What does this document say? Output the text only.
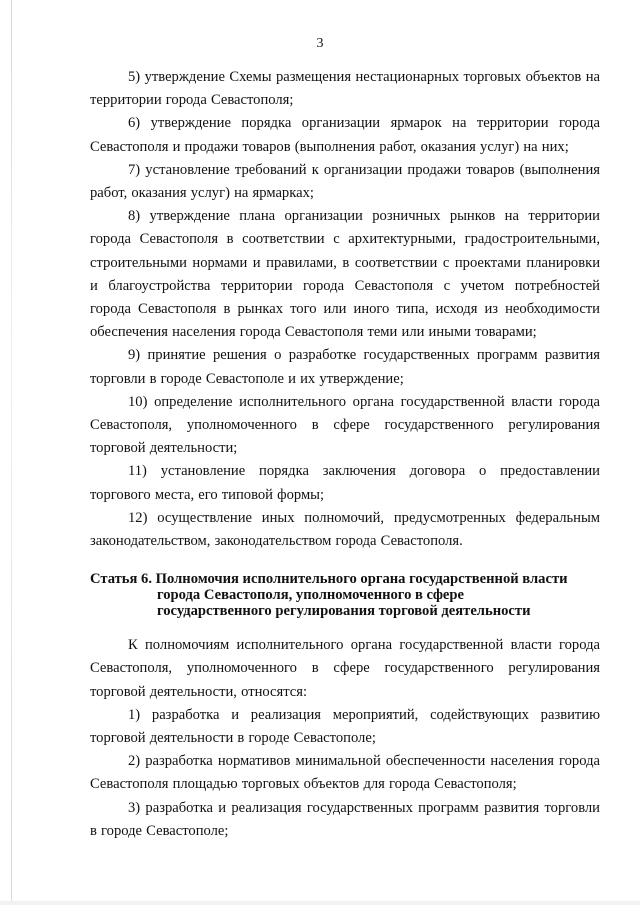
3

5) утверждение Схемы размещения нестационарных торговых объектов на территории города Севастополя;

6) утверждение порядка организации ярмарок на территории города Севастополя и продажи товаров (выполнения работ, оказания услуг) на них;

7) установление требований к организации продажи товаров (выполнения работ, оказания услуг) на ярмарках;

8) утверждение плана организации розничных рынков на территории города Севастополя в соответствии с архитектурными, градостроительными, строительными нормами и правилами, в соответствии с проектами планировки и благоустройства территории города Севастополя с учетом потребностей города Севастополя в рынках того или иного типа, исходя из необходимости обеспечения населения города Севастополя теми или иными товарами;

9) принятие решения о разработке государственных программ развития торговли в городе Севастополе и их утверждение;

10) определение исполнительного органа государственной власти города Севастополя, уполномоченного в сфере государственного регулирования торговой деятельности;

11) установление порядка заключения договора о предоставлении торгового места, его типовой формы;

12) осуществление иных полномочий, предусмотренных федеральным законодательством, законодательством города Севастополя.

Статья 6. Полномочия исполнительного органа государственной власти
города Севастополя, уполномоченного в сфере
государственного регулирования торговой деятельности

К полномочиям исполнительного органа государственной власти города Севастополя, уполномоченного в сфере государственного регулирования торговой деятельности, относятся:

1) разработка и реализация мероприятий, содействующих развитию торговой деятельности в городе Севастополе;

2) разработка нормативов минимальной обеспеченности населения города Севастополя площадью торговых объектов для города Севастополя;

3) разработка и реализация государственных программ развития торговли в городе Севастополе;
